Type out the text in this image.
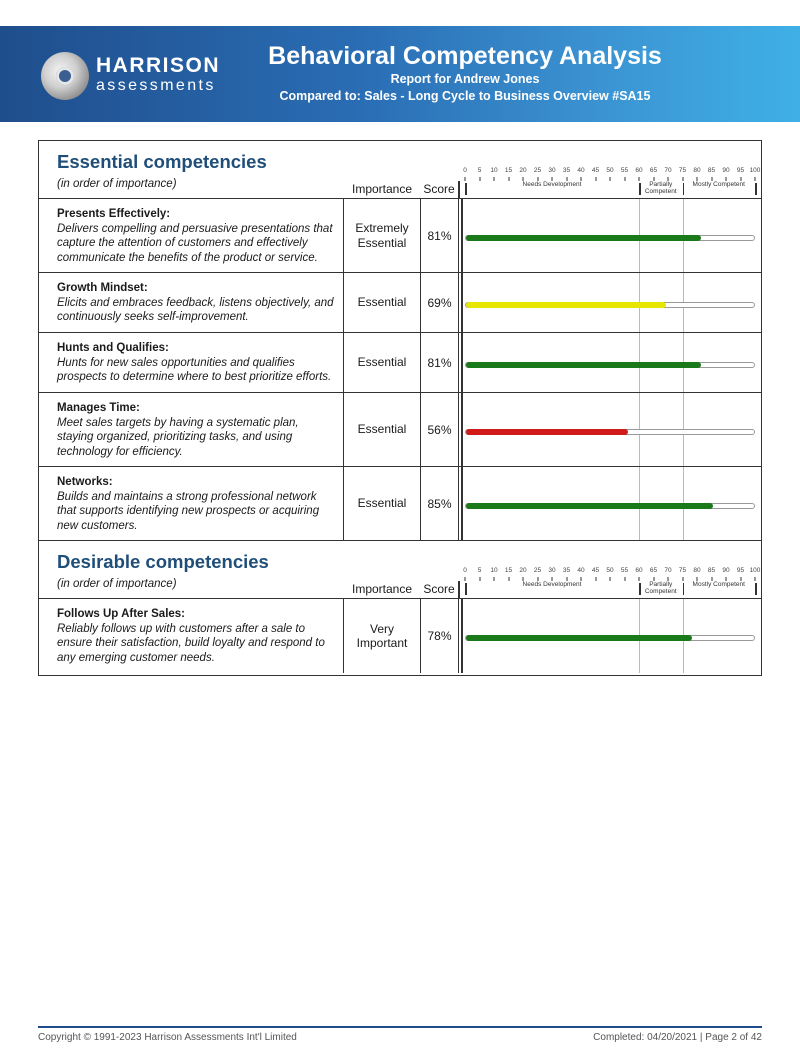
HARRISON
assessments
Behavioral Competency Analysis
Report for Andrew Jones
Compared to: Sales - Long Cycle to Business Overview #SA15
Essential competencies
(in order of importance)	Importance Score
0 5 10 15 20 25 30 35 40 45 50 55 60 65 70 75 80 85 90 95 100
Needs Development	Partially Competent
Mostly Competent
Presents Effectively:
Delivers compelling and persuasive presentations that capture the attention of customers and effectively communicate the benefits of the product or service.
Extremely Essential	81%
Growth Mindset:
Elicits and embraces feedback, listens objectively, and continuously seeks self-improvement.
Essential 69%
Hunts and Qualifies:
Hunts for new sales opportunities and qualifies prospects to determine where to best prioritize efforts.
Essential 81%
Manages Time:
Meet sales targets by having a systematic plan, staying organized, prioritizing tasks, and using technology for efficiency.
Essential 56%
Networks:
Builds and maintains a strong professional network that supports identifying new prospects or acquiring new customers.
Essential 85%
Desirable competencies
(in order of importance)	Importance Score
0 5 10 15 20 25 30 35 40 45 50 55 60 65 70 75 80 85 90 95 100
Needs Development	Partially Competent
Mostly Competent
Follows Up After Sales:
Reliably follows up with customers after a sale to ensure their satisfaction, build loyalty and respond to any emerging customer needs.
Very Important	78%
Copyright © 1991-2023 Harrison Assessments Int'l Limited	Completed: 04/20/2021 | Page 2 of 42
